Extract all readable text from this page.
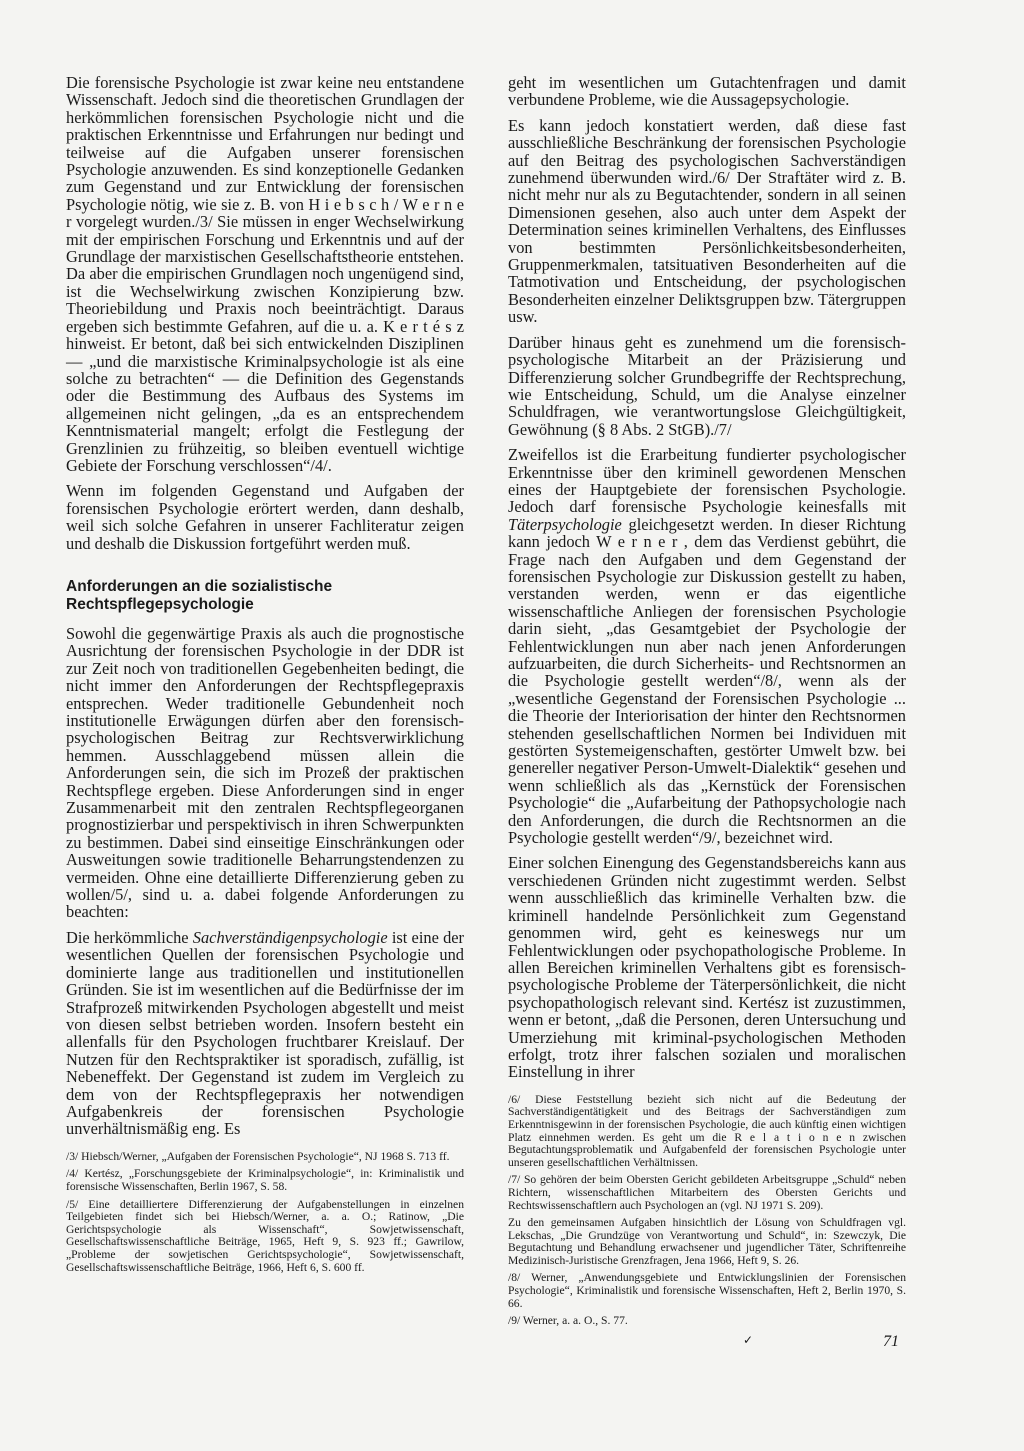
Die forensische Psychologie ist zwar keine neu entstandene Wissenschaft. Jedoch sind die theoretischen Grundlagen der herkömmlichen forensischen Psychologie nicht und die praktischen Erkenntnisse und Erfahrungen nur bedingt und teilweise auf die Aufgaben unserer forensischen Psychologie anzuwenden. Es sind konzeptionelle Gedanken zum Gegenstand und zur Entwicklung der forensischen Psychologie nötig, wie sie z. B. von H i e b s c h / W e r n e r vorgelegt wurden./3/ Sie müssen in enger Wechselwirkung mit der empirischen Forschung und Erkenntnis und auf der Grundlage der marxistischen Gesellschaftstheorie entstehen. Da aber die empirischen Grundlagen noch ungenügend sind, ist die Wechselwirkung zwischen Konzipierung bzw. Theoriebildung und Praxis noch beeinträchtigt. Daraus ergeben sich bestimmte Gefahren, auf die u. a. K e r t é s z hinweist. Er betont, daß bei sich entwickelnden Disziplinen — „und die marxistische Kriminalpsychologie ist als eine solche zu betrachten“ — die Definition des Gegenstands oder die Bestimmung des Aufbaus des Systems im allgemeinen nicht gelingen, „da es an entsprechendem Kenntnismaterial mangelt; erfolgt die Festlegung der Grenzlinien zu frühzeitig, so bleiben eventuell wichtige Gebiete der Forschung verschlossen“/4/.

Wenn im folgenden Gegenstand und Aufgaben der forensischen Psychologie erörtert werden, dann deshalb, weil sich solche Gefahren in unserer Fachliteratur zeigen und deshalb die Diskussion fortgeführt werden muß.

Anforderungen an die sozialistische Rechtspflegepsychologie

Sowohl die gegenwärtige Praxis als auch die prognostische Ausrichtung der forensischen Psychologie in der DDR ist zur Zeit noch von traditionellen Gegebenheiten bedingt, die nicht immer den Anforderungen der Rechtspflegepraxis entsprechen. Weder traditionelle Gebundenheit noch institutionelle Erwägungen dürfen aber den forensisch-psychologischen Beitrag zur Rechtsverwirklichung hemmen. Ausschlaggebend müssen allein die Anforderungen sein, die sich im Prozeß der praktischen Rechtspflege ergeben. Diese Anforderungen sind in enger Zusammenarbeit mit den zentralen Rechtspflegeorganen prognostizierbar und perspektivisch in ihren Schwerpunkten zu bestimmen. Dabei sind einseitige Einschränkungen oder Ausweitungen sowie traditionelle Beharrungstendenzen zu vermeiden. Ohne eine detaillierte Differenzierung geben zu wollen/5/, sind u. a. dabei folgende Anforderungen zu beachten:

Die herkömmliche Sachverständigenpsychologie ist eine der wesentlichen Quellen der forensischen Psychologie und dominierte lange aus traditionellen und institutionellen Gründen. Sie ist im wesentlichen auf die Bedürfnisse der im Strafprozeß mitwirkenden Psychologen abgestellt und meist von diesen selbst betrieben worden. Insofern besteht ein allenfalls für den Psychologen fruchtbarer Kreislauf. Der Nutzen für den Rechtspraktiker ist sporadisch, zufällig, ist Nebeneffekt. Der Gegenstand ist zudem im Vergleich zu dem von der Rechtspflegepraxis her notwendigen Aufgabenkreis der forensischen Psychologie unverhältnismäßig eng. Es

/3/ Hiebsch/Werner, „Aufgaben der Forensischen Psychologie“, NJ 1968 S. 713 ff.

/4/ Kertész, „Forschungsgebiete der Kriminalpsychologie“, in: Kriminalistik und forensische Wissenschaften, Berlin 1967, S. 58.

/5/ Eine detailliertere Differenzierung der Aufgabenstellungen in einzelnen Teilgebieten findet sich bei Hiebsch/Werner, a. a. O.; Ratinow, „Die Gerichtspsychologie als Wissenschaft“, Sowjetwissenschaft, Gesellschaftswissenschaftliche Beiträge, 1965, Heft 9, S. 923 ff.; Gawrilow, „Probleme der sowjetischen Gerichtspsychologie“, Sowjetwissenschaft, Gesellschaftswissenschaftliche Beiträge, 1966, Heft 6, S. 600 ff.

geht im wesentlichen um Gutachtenfragen und damit verbundene Probleme, wie die Aussagepsychologie.

Es kann jedoch konstatiert werden, daß diese fast ausschließliche Beschränkung der forensischen Psychologie auf den Beitrag des psychologischen Sachverständigen zunehmend überwunden wird./6/ Der Straftäter wird z. B. nicht mehr nur als zu Begutachtender, sondern in all seinen Dimensionen gesehen, also auch unter dem Aspekt der Determination seines kriminellen Verhaltens, des Einflusses von bestimmten Persönlichkeitsbesonderheiten, Gruppenmerkmalen, tatsituativen Besonderheiten auf die Tatmotivation und Entscheidung, der psychologischen Besonderheiten einzelner Deliktsgruppen bzw. Tätergruppen usw.

Darüber hinaus geht es zunehmend um die forensisch-psychologische Mitarbeit an der Präzisierung und Differenzierung solcher Grundbegriffe der Rechtsprechung, wie Entscheidung, Schuld, um die Analyse einzelner Schuldfragen, wie verantwortungslose Gleichgültigkeit, Gewöhnung (§ 8 Abs. 2 StGB)./7/

Zweifellos ist die Erarbeitung fundierter psychologischer Erkenntnisse über den kriminell gewordenen Menschen eines der Hauptgebiete der forensischen Psychologie. Jedoch darf forensische Psychologie keinesfalls mit Täterpsychologie gleichgesetzt werden. In dieser Richtung kann jedoch W e r n e r , dem das Verdienst gebührt, die Frage nach den Aufgaben und dem Gegenstand der forensischen Psychologie zur Diskussion gestellt zu haben, verstanden werden, wenn er das eigentliche wissenschaftliche Anliegen der forensischen Psychologie darin sieht, „das Gesamtgebiet der Psychologie der Fehlentwicklungen nun aber nach jenen Anforderungen aufzuarbeiten, die durch Sicherheits- und Rechtsnormen an die Psychologie gestellt werden“/8/, wenn als der „wesentliche Gegenstand der Forensischen Psychologie ... die Theorie der Interiorisation der hinter den Rechtsnormen stehenden gesellschaftlichen Normen bei Individuen mit gestörten Systemeigenschaften, gestörter Umwelt bzw. bei genereller negativer Person-Umwelt-Dialektik“ gesehen und wenn schließlich als das „Kernstück der Forensischen Psychologie“ die „Aufarbeitung der Pathopsychologie nach den Anforderungen, die durch die Rechtsnormen an die Psychologie gestellt werden“/9/, bezeichnet wird.

Einer solchen Einengung des Gegenstandsbereichs kann aus verschiedenen Gründen nicht zugestimmt werden. Selbst wenn ausschließlich das kriminelle Verhalten bzw. die kriminell handelnde Persönlichkeit zum Gegenstand genommen wird, geht es keineswegs nur um Fehlentwicklungen oder psychopathologische Probleme. In allen Bereichen kriminellen Verhaltens gibt es forensisch-psychologische Probleme der Täterpersönlichkeit, die nicht psychopathologisch relevant sind. Kertész ist zuzustimmen, wenn er betont, „daß die Personen, deren Untersuchung und Umerziehung mit kriminal-psychologischen Methoden erfolgt, trotz ihrer falschen sozialen und moralischen Einstellung in ihrer

/6/ Diese Feststellung bezieht sich nicht auf die Bedeutung der Sachverständigentätigkeit und des Beitrags der Sachverständigen zum Erkenntnisgewinn in der forensischen Psychologie, die auch künftig einen wichtigen Platz einnehmen werden. Es geht um die R e l a t i o n e n zwischen Begutachtungsproblematik und Aufgabenfeld der forensischen Psychologie unter unseren gesellschaftlichen Verhältnissen.

/7/ So gehören der beim Obersten Gericht gebildeten Arbeitsgruppe „Schuld“ neben Richtern, wissenschaftlichen Mitarbeitern des Obersten Gerichts und Rechtswissenschaftlern auch Psychologen an (vgl. NJ 1971 S. 209).

Zu den gemeinsamen Aufgaben hinsichtlich der Lösung von Schuldfragen vgl. Lekschas, „Die Grundzüge von Verantwortung und Schuld“, in: Szewczyk, Die Begutachtung und Behandlung erwachsener und jugendlicher Täter, Schriftenreihe Medizinisch-Juristische Grenzfragen, Jena 1966, Heft 9, S. 26.

/8/ Werner, „Anwendungsgebiete und Entwicklungslinien der Forensischen Psychologie“, Kriminalistik und forensische Wissenschaften, Heft 2, Berlin 1970, S. 66.

/9/ Werner, a. a. O., S. 77.

✓	71
